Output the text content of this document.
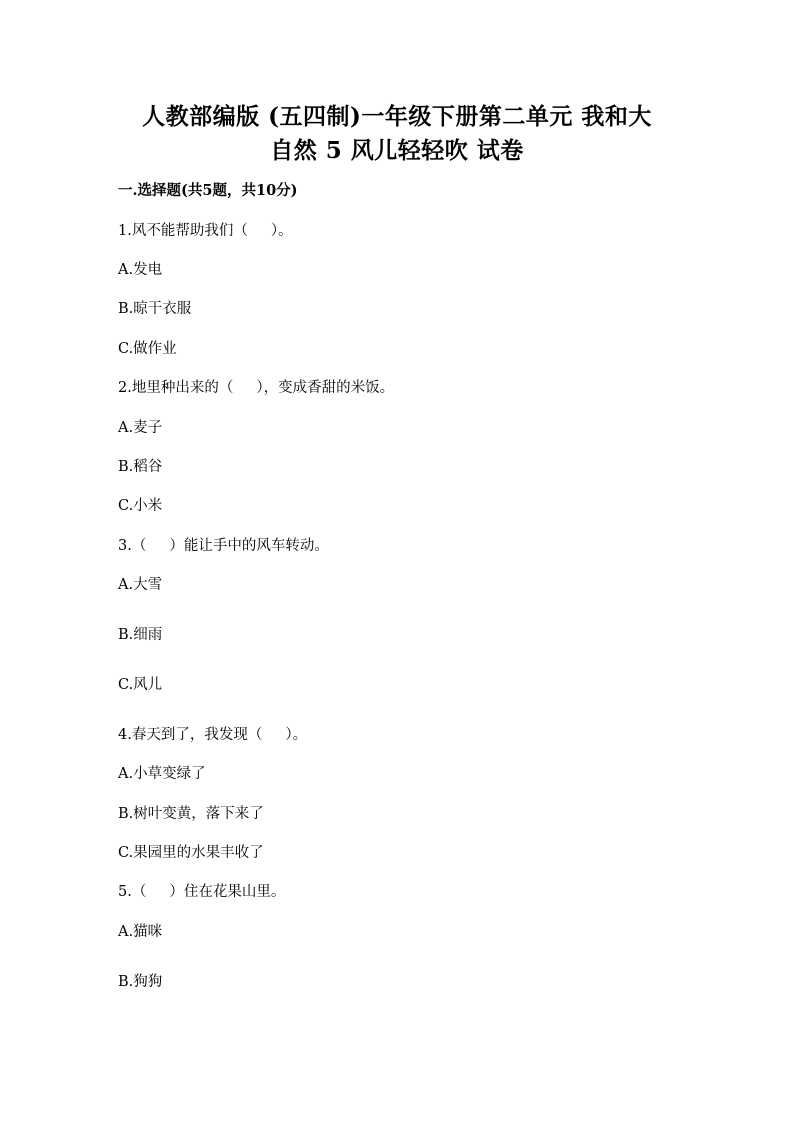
人教部编版 (五四制)一年级下册第二单元 我和大
自然 5 风儿轻轻吹 试卷
一.选择题(共5题，共10分)
1.风不能帮助我们（     ）。
A.发电
B.晾干衣服
C.做作业
2.地里种出来的（     ），变成香甜的米饭。
A.麦子
B.稻谷
C.小米
3.（     ）能让手中的风车转动。
A.大雪
B.细雨
C.风儿
4.春天到了，我发现（     ）。
A.小草变绿了
B.树叶变黄，落下来了
C.果园里的水果丰收了
5.（     ）住在花果山里。
A.猫咪
B.狗狗
